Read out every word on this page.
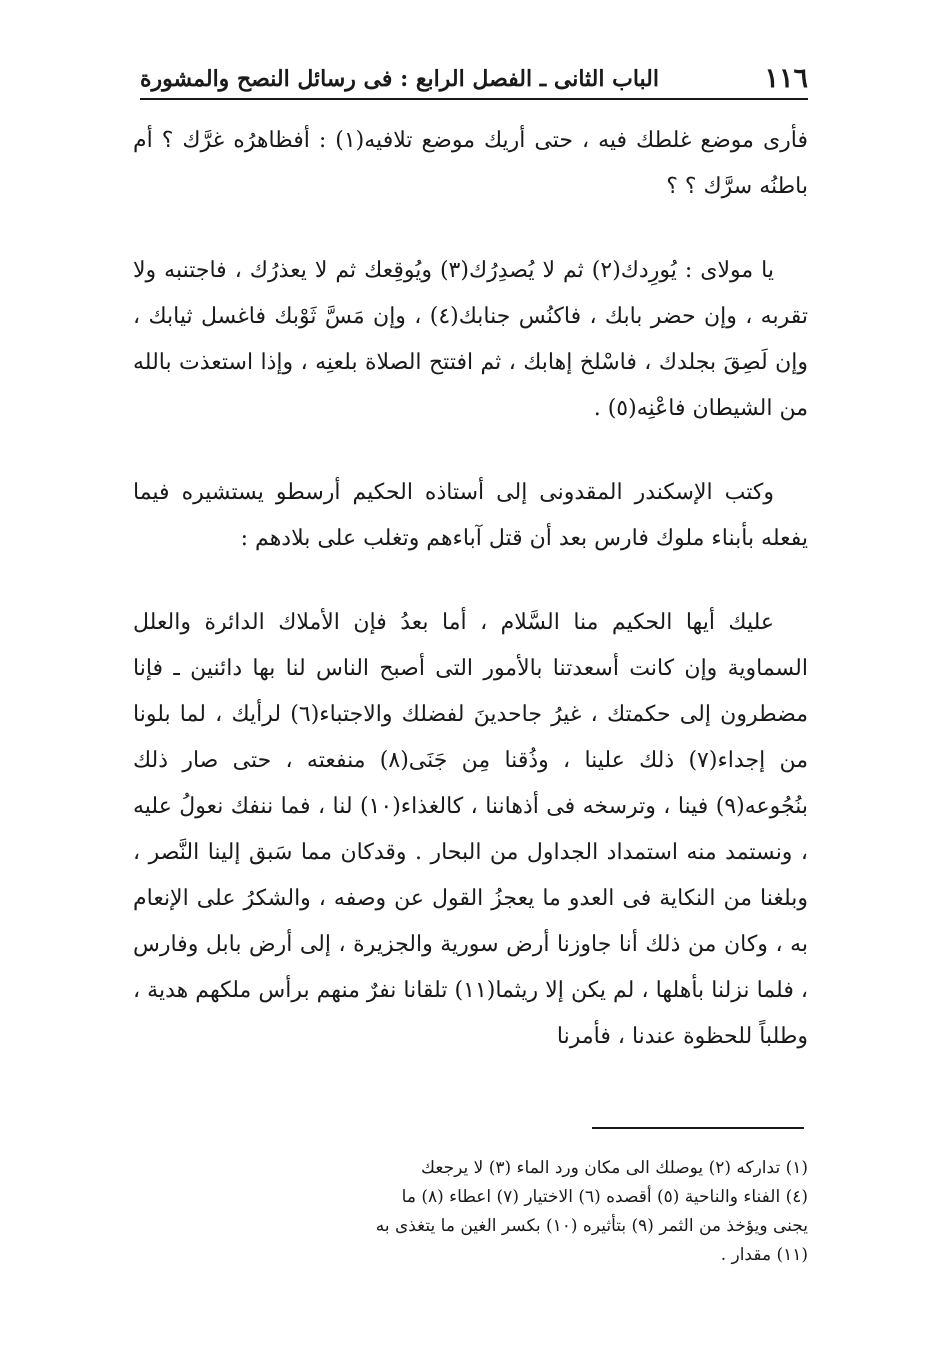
١١٦
الباب الثانى ـ الفصل الرابع : فى رسائل النصح والمشورة

فأرى موضع غلطك فيه ، حتى أريك موضع تلافيه(١) : أفظاهرُه غرَّك ؟ أم باطنُه سرَّك ؟ ؟

يا مولاى : يُورِدك(٢) ثم لا يُصدِرُك(٣) ويُوقِعك ثم لا يعذرُك ، فاجتنبه ولا تقربه ، وإن حضر بابك ، فاكنُس جنابك(٤) ، وإن مَسَّ ثَوْبك فاغسل ثيابك ، وإن لَصِقَ بجلدك ، فاسْلخ إهابك ، ثم افتتح الصلاة بلعنِه ، وإذا استعذت بالله من الشيطان فاعْنِه(٥) .

وكتب الإسكندر المقدونى إلى أستاذه الحكيم أرسطو يستشيره فيما يفعله بأبناء ملوك فارس بعد أن قتل آباءهم وتغلب على بلادهم :

عليك أيها الحكيم منا السَّلام ، أما بعدُ فإن الأملاك الدائرة والعلل السماوية وإن كانت أسعدتنا بالأمور التى أصبح الناس لنا بها دائنين ـ فإنا مضطرون إلى حكمتك ، غيرُ جاحدينَ لفضلك والاجتباء(٦) لرأيك ، لما بلونا من إجداء(٧) ذلك علينا ، وذُقنا مِن جَنَى(٨) منفعته ، حتى صار ذلك بنُجُوعه(٩) فينا ، وترسخه فى أذهاننا ، كالغذاء(١٠) لنا ، فما ننفك نعولُ عليه ، ونستمد منه استمداد الجداول من البحار . وقدكان مما سَبق إلينا النَّصر ، وبلغنا من النكاية فى العدو ما يعجزُ القول عن وصفه ، والشكرُ على الإنعام به ، وكان من ذلك أنا جاوزنا أرض سورية والجزيرة ، إلى أرض بابل وفارس ، فلما نزلنا بأهلها ، لم يكن إلا ريثما(١١) تلقانا نفرٌ منهم برأس ملكهم هدية ، وطلباً للحظوة عندنا ، فأمرنا

(١) تداركه (٢) يوصلك الى مكان ورد الماء (٣) لا يرجعك

(٤) الفناء والناحية (٥) أقصده (٦) الاختيار (٧) اعطاء (٨) ما

يجنى ويؤخذ من الثمر (٩) بتأثيره (١٠) بكسر الغين ما يتغذى به

(١١) مقدار .
